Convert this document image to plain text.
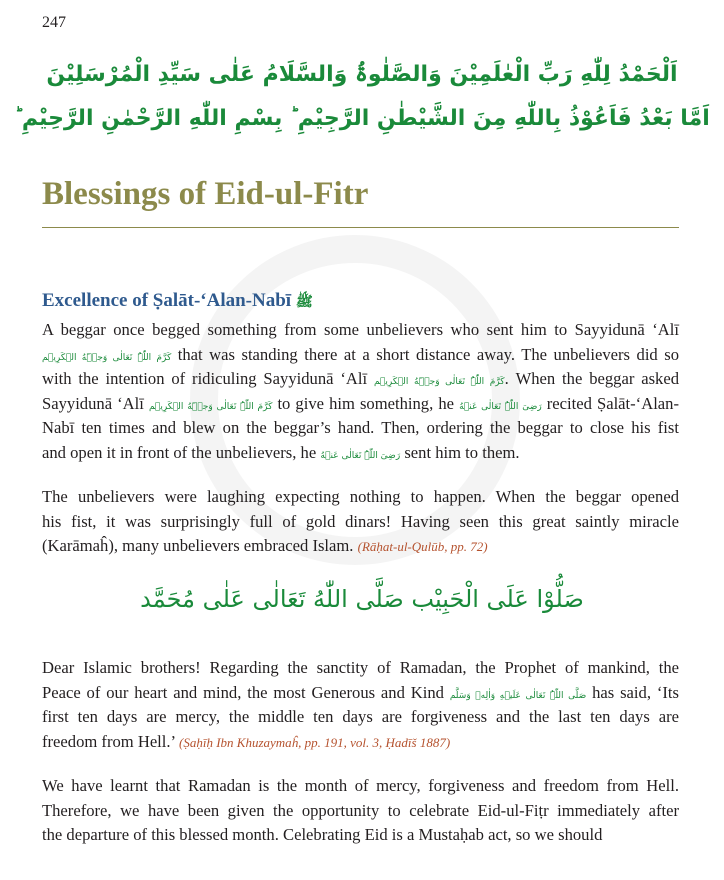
247
اَلْحَمْدُ لِلّٰهِ رَبِّ الْعٰلَمِیْنَ وَالصَّلٰوۃُ وَالسَّلَامُ عَلٰی سَیِّدِ الْمُرْسَلِیْنَ
اَمَّا بَعْدُ فَاَعُوْذُ بِاللّٰهِ مِنَ الشَّیْطٰنِ الرَّجِیْمِ ؕ بِسْمِ اللّٰهِ الرَّحْمٰنِ الرَّحِیْمِ ؕ
Blessings of Eid-ul-Fitr
Excellence of Ṣalāt-‘Alan-Nabī ﷺ
A beggar once begged something from some unbelievers who sent him to Sayyidunā ‘Alī
کَرَّمَ اللّٰہُ تَعَالٰی وَجۡہَهُ الۡکَرِیۡم that was standing there at a short distance away. The unbelievers did so
with the intention of ridiculing Sayyidunā ‘Alī کَرَّمَ اللّٰہُ تَعَالٰی وَجۡہَهُ الۡکَرِیۡم. When the beggar asked
Sayyidunā ‘Alī کَرَّمَ اللّٰہُ تَعَالٰی وَجۡہَهُ الۡکَرِیۡم to give him something, he رَضِیَ اللّٰہُ تَعَالٰی عَنۡهُ recited Ṣalāt-‘Alan-
Nabī ten times and blew on the beggar’s hand. Then, ordering the beggar to close his fist
and open it in front of the unbelievers, he رَضِیَ اللّٰہُ تَعَالٰی عَنۡهُ sent him to them.
The unbelievers were laughing expecting nothing to happen. When the beggar opened
his fist, it was surprisingly full of gold dinars! Having seen this great saintly miracle
(Karāmaĥ), many unbelievers embraced Islam. (Rāḥat-ul-Qulūb, pp. 72)
صَلُّوْا عَلَی الْحَبِیْب صَلَّی اللّٰهُ تَعَالٰی عَلٰی مُحَمَّد
Dear Islamic brothers! Regarding the sanctity of Ramadan, the Prophet of mankind, the
Peace of our heart and mind, the most Generous and Kind صَلَّی اللّٰہُ تَعَالٰی عَلَیۡهِ وَاٰلِهٖ وَسَلَّم has said, ‘Its
first ten days are mercy, the middle ten days are forgiveness and the last ten days are
freedom from Hell.’ (Ṣaḥīḥ Ibn Khuzaymaĥ, pp. 191, vol. 3, Ḥadīš 1887)
We have learnt that Ramadan is the month of mercy, forgiveness and freedom from Hell.
Therefore, we have been given the opportunity to celebrate Eid-ul-Fiṭr immediately after
the departure of this blessed month. Celebrating Eid is a Mustaḥab act, so we should
